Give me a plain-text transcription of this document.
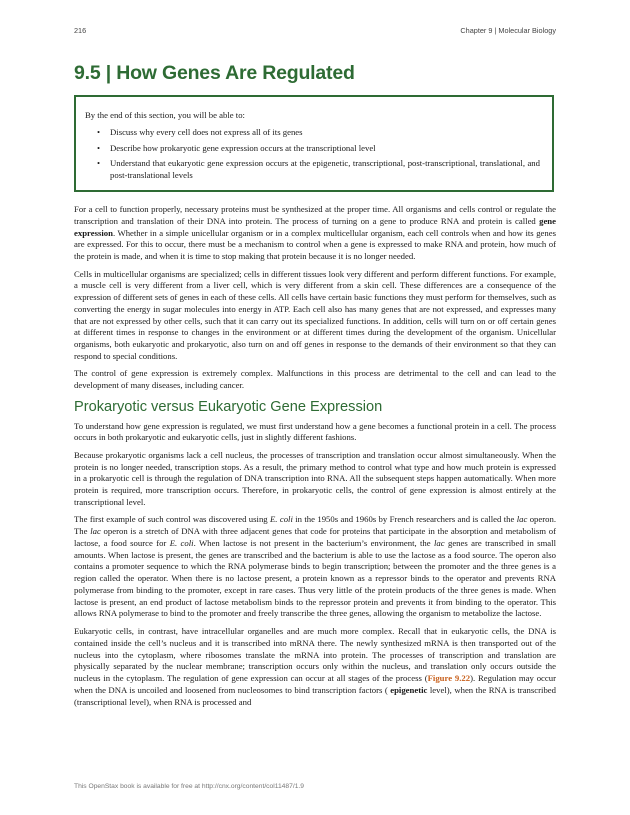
216	Chapter 9 | Molecular Biology
9.5 | How Genes Are Regulated

By the end of this section, you will be able to:

• Discuss why every cell does not express all of its genes
• Describe how prokaryotic gene expression occurs at the transcriptional level
• Understand that eukaryotic gene expression occurs at the epigenetic, transcriptional, post-transcriptional, translational, and post-translational levels

For a cell to function properly, necessary proteins must be synthesized at the proper time. All organisms and cells control or regulate the transcription and translation of their DNA into protein. The process of turning on a gene to produce RNA and protein is called gene expression. Whether in a simple unicellular organism or in a complex multicellular organism, each cell controls when and how its genes are expressed. For this to occur, there must be a mechanism to control when a gene is expressed to make RNA and protein, how much of the protein is made, and when it is time to stop making that protein because it is no longer needed.

Cells in multicellular organisms are specialized; cells in different tissues look very different and perform different functions. For example, a muscle cell is very different from a liver cell, which is very different from a skin cell. These differences are a consequence of the expression of different sets of genes in each of these cells. All cells have certain basic functions they must perform for themselves, such as converting the energy in sugar molecules into energy in ATP. Each cell also has many genes that are not expressed, and expresses many that are not expressed by other cells, such that it can carry out its specialized functions. In addition, cells will turn on or off certain genes at different times in response to changes in the environment or at different times during the development of the organism. Unicellular organisms, both eukaryotic and prokaryotic, also turn on and off genes in response to the demands of their environment so that they can respond to special conditions.

The control of gene expression is extremely complex. Malfunctions in this process are detrimental to the cell and can lead to the development of many diseases, including cancer.

Prokaryotic versus Eukaryotic Gene Expression

To understand how gene expression is regulated, we must first understand how a gene becomes a functional protein in a cell. The process occurs in both prokaryotic and eukaryotic cells, just in slightly different fashions.

Because prokaryotic organisms lack a cell nucleus, the processes of transcription and translation occur almost simultaneously. When the protein is no longer needed, transcription stops. As a result, the primary method to control what type and how much protein is expressed in a prokaryotic cell is through the regulation of DNA transcription into RNA. All the subsequent steps happen automatically. When more protein is required, more transcription occurs. Therefore, in prokaryotic cells, the control of gene expression is almost entirely at the transcriptional level.

The first example of such control was discovered using E. coli in the 1950s and 1960s by French researchers and is called the lac operon. The lac operon is a stretch of DNA with three adjacent genes that code for proteins that participate in the absorption and metabolism of lactose, a food source for E. coli. When lactose is not present in the bacterium’s environment, the lac genes are transcribed in small amounts. When lactose is present, the genes are transcribed and the bacterium is able to use the lactose as a food source. The operon also contains a promoter sequence to which the RNA polymerase binds to begin transcription; between the promoter and the three genes is a region called the operator. When there is no lactose present, a protein known as a repressor binds to the operator and prevents RNA polymerase from binding to the promoter, except in rare cases. Thus very little of the protein products of the three genes is made. When lactose is present, an end product of lactose metabolism binds to the repressor protein and prevents it from binding to the operator. This allows RNA polymerase to bind to the promoter and freely transcribe the three genes, allowing the organism to metabolize the lactose.

Eukaryotic cells, in contrast, have intracellular organelles and are much more complex. Recall that in eukaryotic cells, the DNA is contained inside the cell’s nucleus and it is transcribed into mRNA there. The newly synthesized mRNA is then transported out of the nucleus into the cytoplasm, where ribosomes translate the mRNA into protein. The processes of transcription and translation are physically separated by the nuclear membrane; transcription occurs only within the nucleus, and translation only occurs outside the nucleus in the cytoplasm. The regulation of gene expression can occur at all stages of the process (Figure 9.22). Regulation may occur when the DNA is uncoiled and loosened from nucleosomes to bind transcription factors ( epigenetic level), when the RNA is transcribed (transcriptional level), when RNA is processed and

This OpenStax book is available for free at http://cnx.org/content/col11487/1.9
